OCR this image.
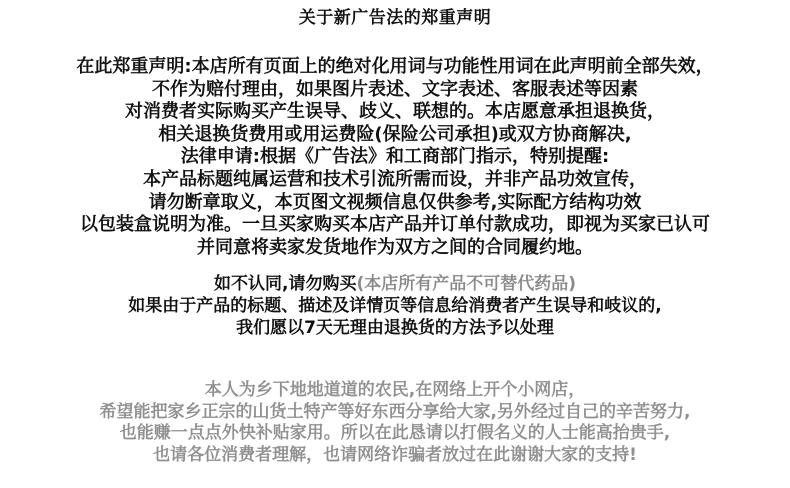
关于新广告法的郑重声明
在此郑重声明:本店所有页面上的绝对化用词与功能性用词在此声明前全部失效，
不作为赔付理由，如果图片表述、文字表述、客服表述等因素
对消费者实际购买产生误导、歧义、联想的。本店愿意承担退换货，
相关退换货费用或用运费险(保险公司承担)或双方协商解决,
法律申请:根据《广告法》和工商部门指示，特别提醒:
本产品标题纯属运营和技术引流所需而设，并非产品功效宣传，
请勿断章取义，本页图文视频信息仅供参考,实际配方结构功效
以包装盒说明为准。一旦买家购买本店产品并订单付款成功，即视为买家已认可
并同意将卖家发货地作为双方之间的合同履约地。
如不认同,请勿购买(本店所有产品不可替代药品)
如果由于产品的标题、描述及详情页等信息给消费者产生误导和岐议的,
我们愿以7天无理由退换货的方法予以处理
本人为乡下地地道道的农民,在网络上开个小网店，
希望能把家乡正宗的山货土特产等好东西分享给大家,另外经过自己的辛苦努力,
也能赚一点点外快补贴家用。所以在此恳请以打假名义的人士能高抬贵手,
也请各位消费者理解，也请网络诈骗者放过在此谢谢大家的支持!
